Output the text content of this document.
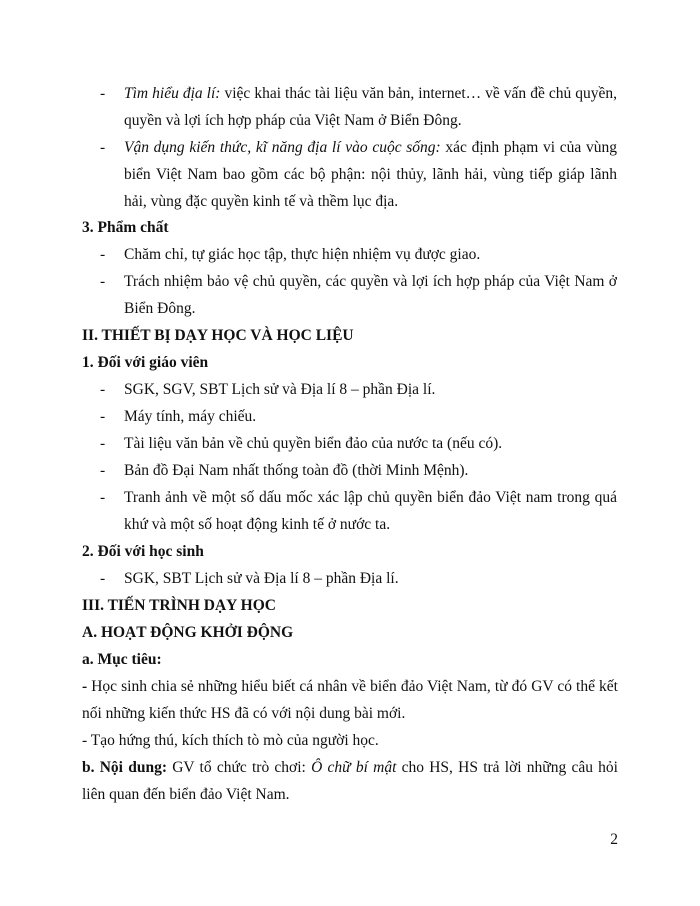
-	Tìm hiểu địa lí: việc khai thác tài liệu văn bản, internet… về vấn đề chủ quyền, quyền và lợi ích hợp pháp của Việt Nam ở Biển Đông.
-	Vận dụng kiến thức, kĩ năng địa lí vào cuộc sống: xác định phạm vi của vùng biển Việt Nam bao gồm các bộ phận: nội thủy, lãnh hải, vùng tiếp giáp lãnh hải, vùng đặc quyền kinh tế và thềm lục địa.
3. Phẩm chất
-	Chăm chỉ, tự giác học tập, thực hiện nhiệm vụ được giao.
-	Trách nhiệm bảo vệ chủ quyền, các quyền và lợi ích hợp pháp của Việt Nam ở Biển Đông.
II. THIẾT BỊ DẠY HỌC VÀ HỌC LIỆU
1. Đối với giáo viên
-	SGK, SGV, SBT Lịch sử và Địa lí 8 – phần Địa lí.
-	Máy tính, máy chiếu.
-	Tài liệu văn bản về chủ quyền biển đảo của nước ta (nếu có).
-	Bản đồ Đại Nam nhất thống toàn đồ (thời Minh Mệnh).
-	Tranh ảnh về một số dấu mốc xác lập chủ quyền biển đảo Việt nam trong quá khứ và một số hoạt động kinh tế ở nước ta.
2. Đối với học sinh
-	SGK, SBT Lịch sử và Địa lí 8 – phần Địa lí.
III. TIẾN TRÌNH DẠY HỌC
A. HOẠT ĐỘNG KHỞI ĐỘNG
a. Mục tiêu:
- Học sinh chia sẻ những hiểu biết cá nhân về biển đảo Việt Nam, từ đó GV có thể kết nối những kiến thức HS đã có với nội dung bài mới.
- Tạo hứng thú, kích thích tò mò của người học.
b. Nội dung: GV tổ chức trò chơi: Ô chữ bí mật cho HS, HS trả lời những câu hỏi liên quan đến biển đảo Việt Nam.
2
